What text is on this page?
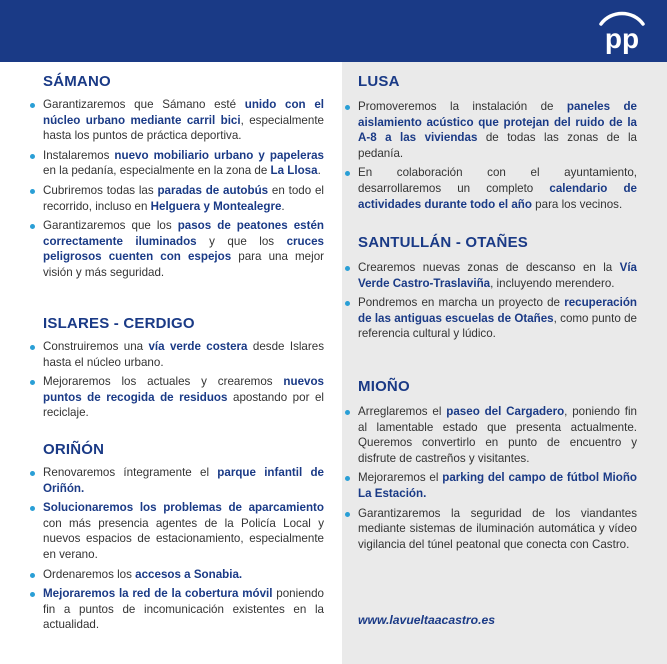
pp
SÁMANO
Garantizaremos que Sámano esté unido con el núcleo urbano mediante carril bici, especialmente hasta los puntos de práctica deportiva.
Instalaremos nuevo mobiliario urbano y papeleras en la pedanía, especialmente en la zona de La Llosa.
Cubriremos todas las paradas de autobús en todo el recorrido, incluso en Helguera y Montealegre.
Garantizaremos que los pasos de peatones estén correctamente iluminados y que los cruces peligrosos cuenten con espejos para una mejor visión y más seguridad.
ISLARES - CERDIGO
Construiremos una vía verde costera desde Islares hasta el núcleo urbano.
Mejoraremos los actuales y crearemos nuevos puntos de recogida de residuos apostando por el reciclaje.
ORIÑÓN
Renovaremos íntegramente el parque infantil de Oriñón.
Solucionaremos los problemas de aparcamiento con más presencia agentes de la Policía Local y nuevos espacios de estacionamiento, especialmente en verano.
Ordenaremos los accesos a Sonabia.
Mejoraremos la red de la cobertura móvil poniendo fin a puntos de incomunicación existentes en la actualidad.
LUSA
Promoveremos la instalación de paneles de aislamiento acústico que protejan del ruido de la A-8 a las viviendas de todas las zonas de la pedanía.
En colaboración con el ayuntamiento, desarrollaremos un completo calendario de actividades durante todo el año para los vecinos.
SANTULLÁN - OTAÑES
Crearemos nuevas zonas de descanso en la Vía Verde Castro-Traslaviña, incluyendo merendero.
Pondremos en marcha un proyecto de recuperación de las antiguas escuelas de Otañes, como punto de referencia cultural y lúdico.
MIOÑO
Arreglaremos el paseo del Cargadero, poniendo fin al lamentable estado que presenta actualmente. Queremos convertirlo en punto de encuentro y disfrute de castreños y visitantes.
Mejoraremos el parking del campo de fútbol Mioño La Estación.
Garantizaremos la seguridad de los viandantes mediante sistemas de iluminación automática y vídeo vigilancia del túnel peatonal que conecta con Castro.
www.lavueltaacastro.es
